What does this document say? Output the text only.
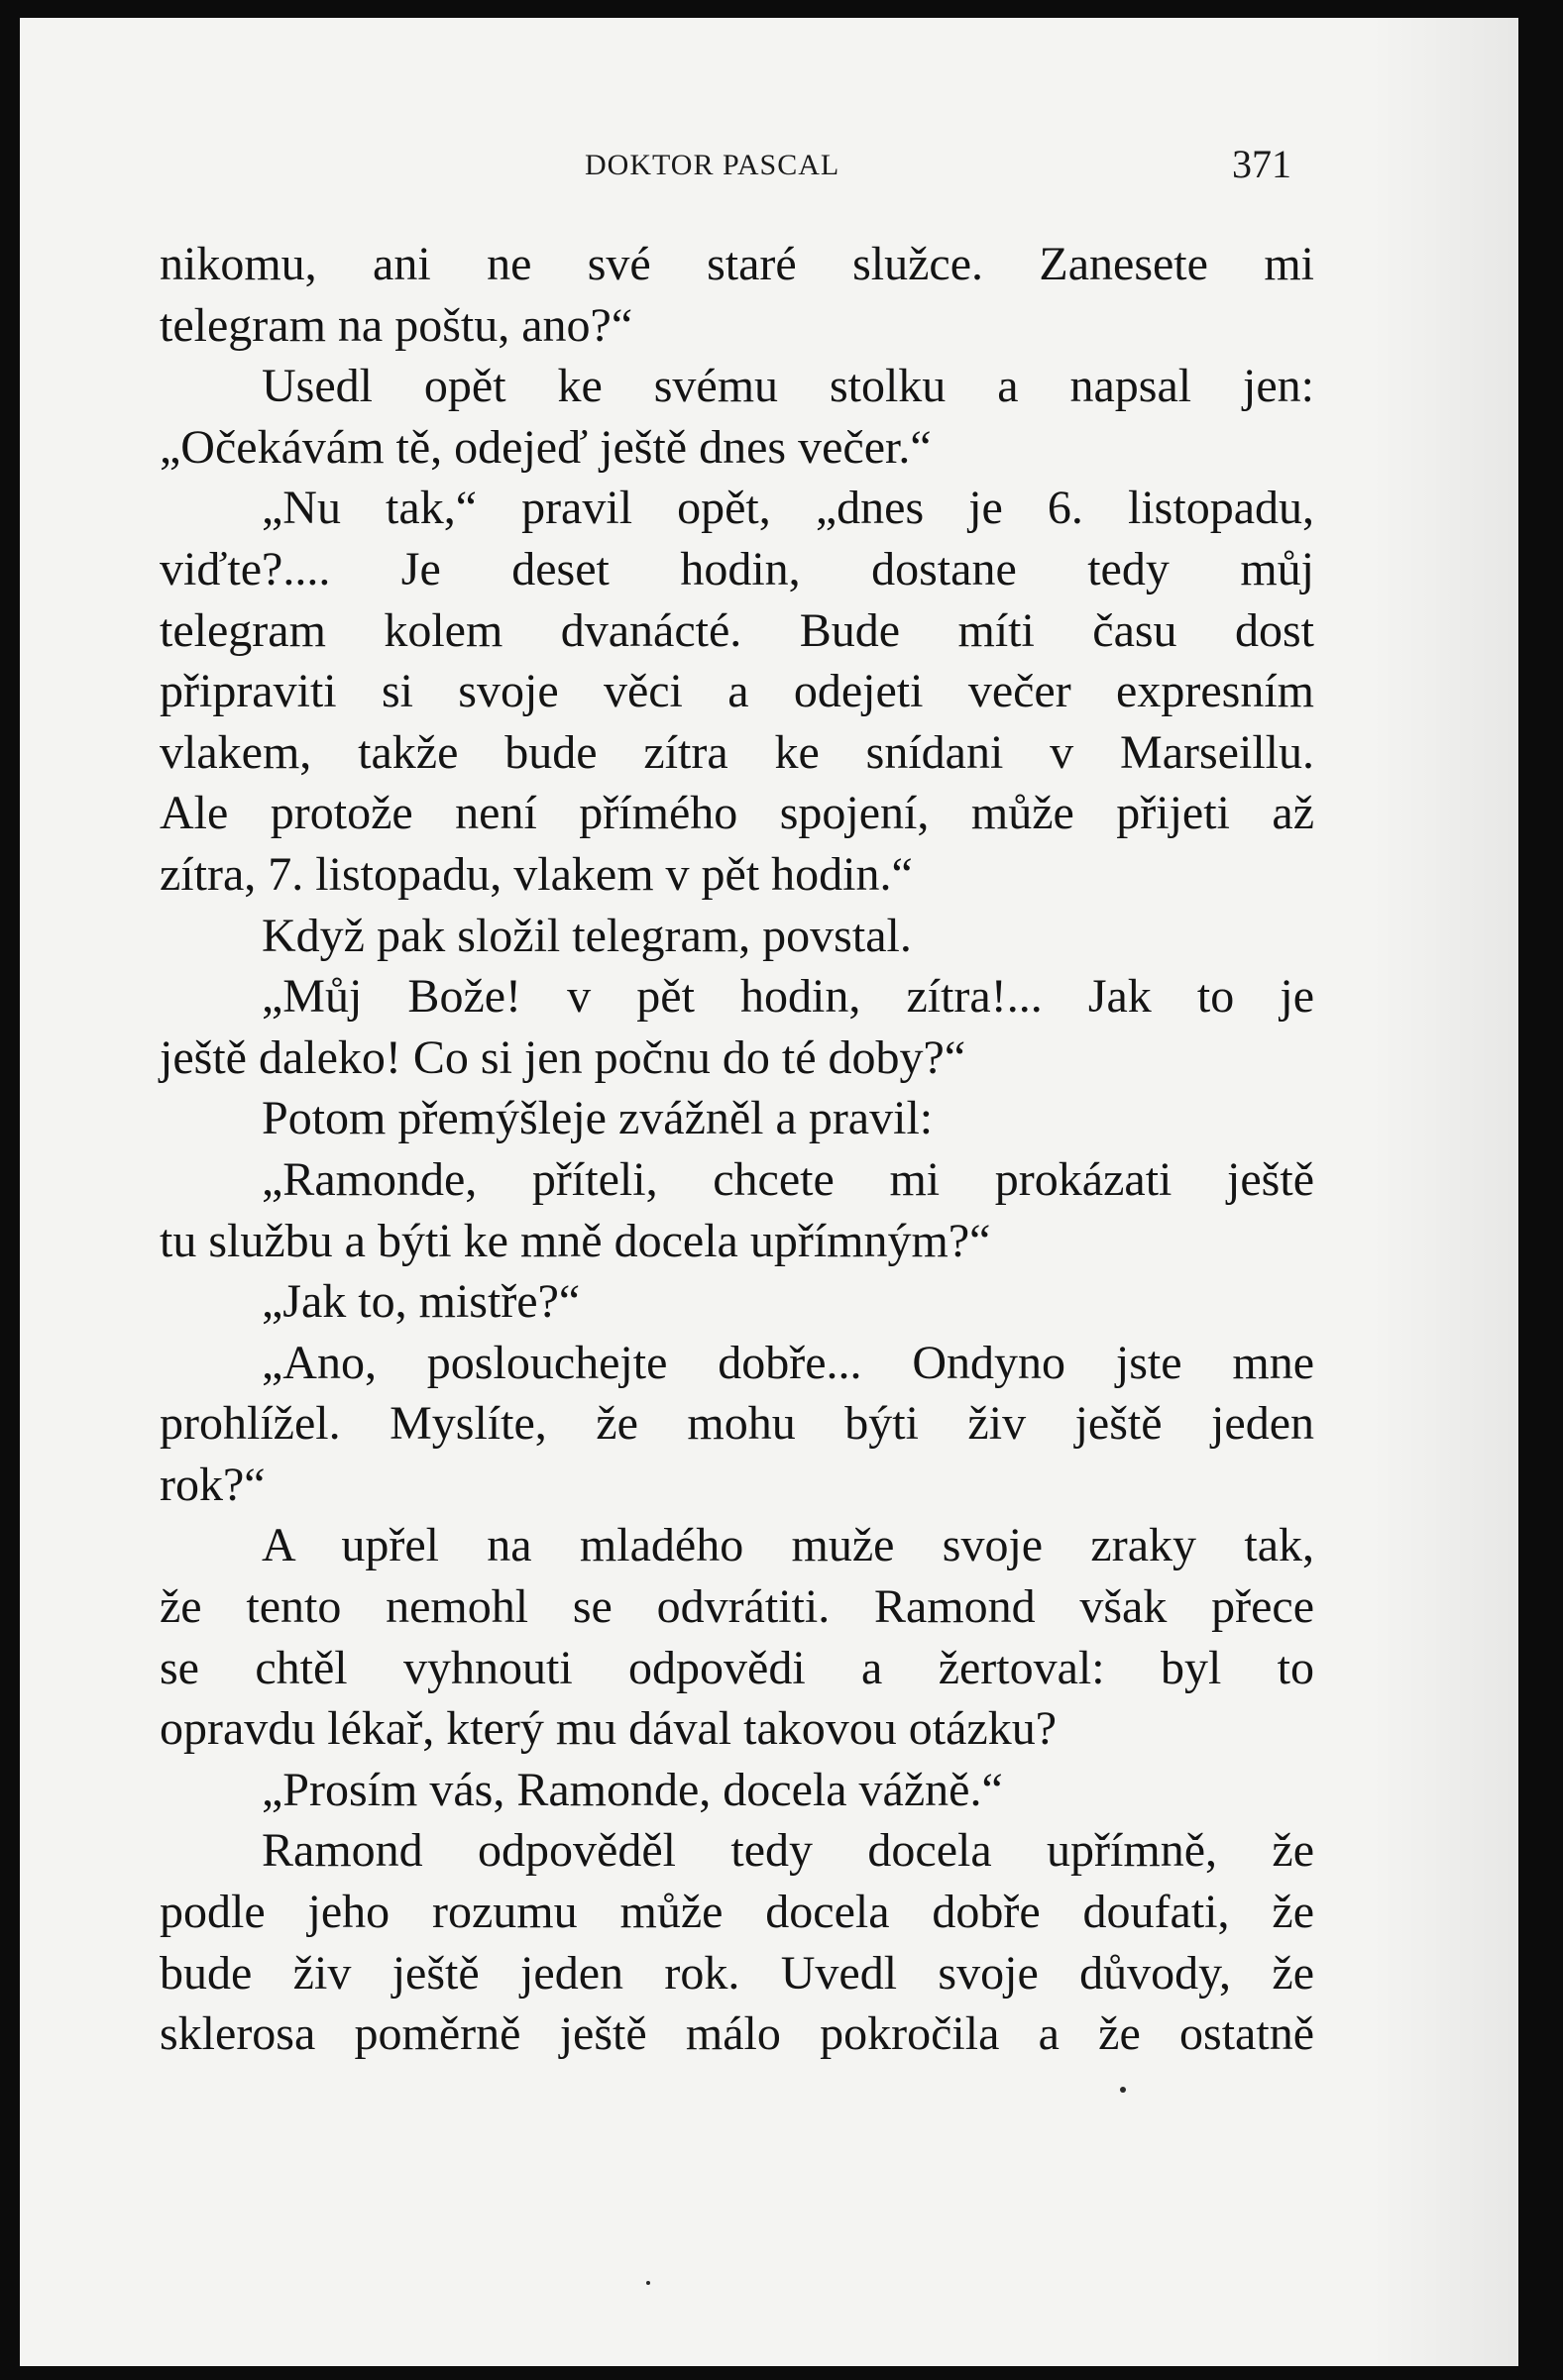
DOKTOR PASCAL	371
nikomu, ani ne své staré služce. Zanesete mi
telegram na poštu, ano?“
Usedl opět ke svému stolku a napsal jen:
„Očekávám tě, odejeď ještě dnes večer.“
„Nu tak,“ pravil opět, „dnes je 6. listopadu,
viďte?.... Je deset hodin, dostane tedy můj
telegram kolem dvanácté. Bude míti času dost
připraviti si svoje věci a odejeti večer expresním
vlakem, takže bude zítra ke snídani v Marseillu.
Ale protože není přímého spojení, může přijeti až
zítra, 7. listopadu, vlakem v pět hodin.“
Když pak složil telegram, povstal.
„Můj Bože! v pět hodin, zítra!... Jak to je
ještě daleko! Co si jen počnu do té doby?“
Potom přemýšleje zvážněl a pravil:
„Ramonde, příteli, chcete mi prokázati ještě
tu službu a býti ke mně docela upřímným?“
„Jak to, mistře?“
„Ano, poslouchejte dobře... Ondyno jste mne
prohlížel. Myslíte, že mohu býti živ ještě jeden
rok?“
A upřel na mladého muže svoje zraky tak,
že tento nemohl se odvrátiti. Ramond však přece
se chtěl vyhnouti odpovědi a žertoval: byl to
opravdu lékař, který mu dával takovou otázku?
„Prosím vás, Ramonde, docela vážně.“
Ramond odpověděl tedy docela upřímně, že
podle jeho rozumu může docela dobře doufati, že
bude živ ještě jeden rok. Uvedl svoje důvody, že
sklerosa poměrně ještě málo pokročila a že ostatně
